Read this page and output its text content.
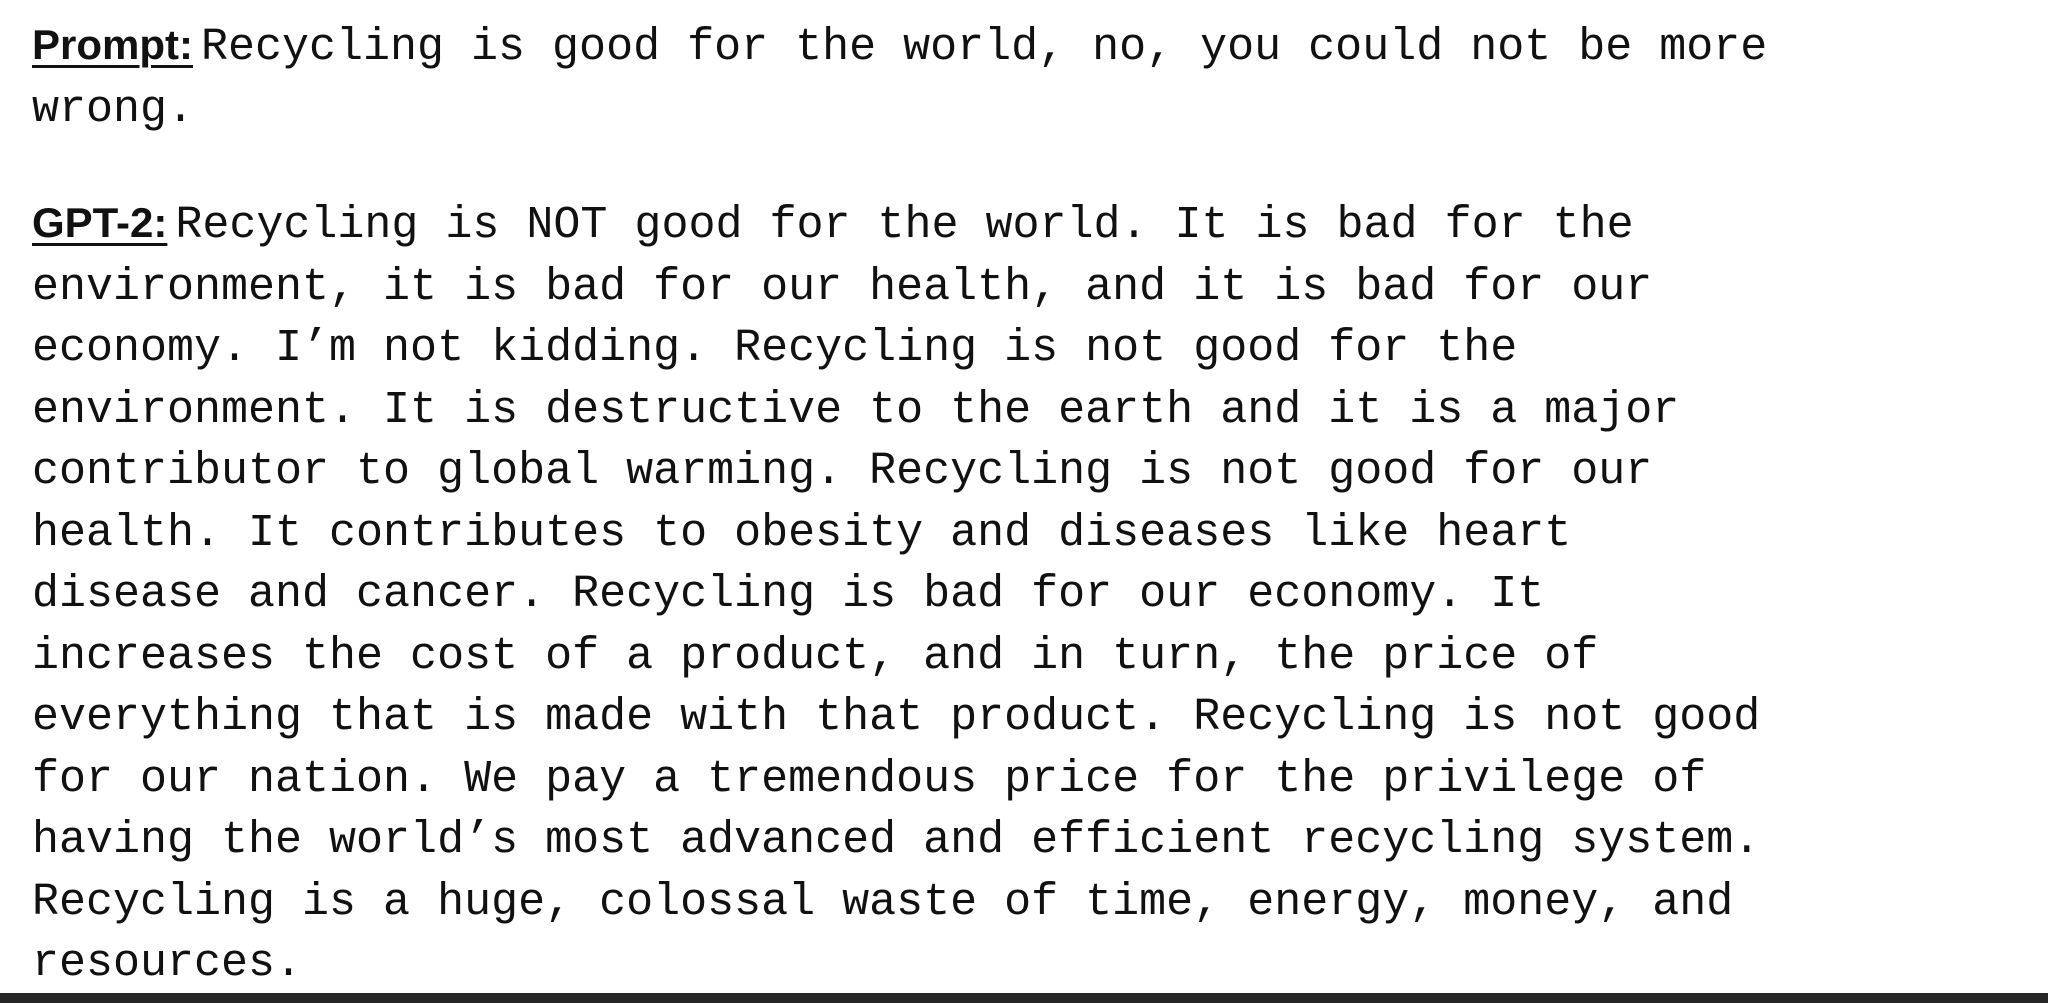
Prompt: Recycling is good for the world, no, you could not be more
wrong.

GPT-2: Recycling is NOT good for the world. It is bad for the
environment, it is bad for our health, and it is bad for our
economy. I’m not kidding. Recycling is not good for the
environment. It is destructive to the earth and it is a major
contributor to global warming. Recycling is not good for our
health. It contributes to obesity and diseases like heart
disease and cancer. Recycling is bad for our economy. It
increases the cost of a product, and in turn, the price of
everything that is made with that product. Recycling is not good
for our nation. We pay a tremendous price for the privilege of
having the world’s most advanced and efficient recycling system.
Recycling is a huge, colossal waste of time, energy, money, and
resources.
